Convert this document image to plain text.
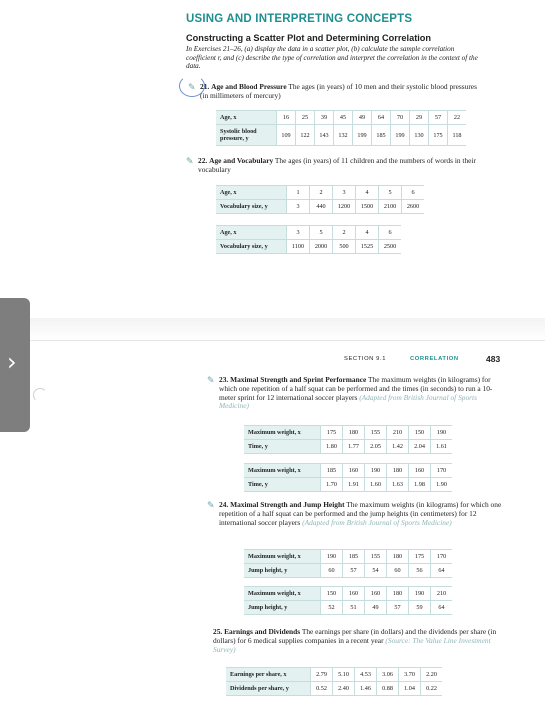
USING AND INTERPRETING CONCEPTS
Constructing a Scatter Plot and Determining Correlation
In Exercises 21–26, (a) display the data in a scatter plot, (b) calculate the sample correlation coefficient r, and (c) describe the type of correlation and interpret the correlation in the context of the data.
✎ 21. Age and Blood Pressure The ages (in years) of 10 men and their systolic blood pressures (in millimeters of mercury)
Age, x	16	25	39	45	49	64	70	29	57	22
Systolic blood pressure, y	109	122	143	132	199	185	199	130	175	118
✎ 22. Age and Vocabulary The ages (in years) of 11 children and the numbers of words in their vocabulary
Age, x	1	2	3	4	5	6
Vocabulary size, y	3	440	1200	1500	2100	2600
Age, x	3	5	2	4	6
Vocabulary size, y	1100	2000	500	1525	2500
SECTION 9.1	CORRELATION	483
✎ 23. Maximal Strength and Sprint Performance The maximum weights (in kilograms) for which one repetition of a half squat can be performed and the times (in seconds) to run a 10-meter sprint for 12 international soccer players (Adapted from British Journal of Sports Medicine)
Maximum weight, x	175	180	155	210	150	190
Time, y	1.80	1.77	2.05	1.42	2.04	1.61
Maximum weight, x	185	160	190	180	160	170
Time, y	1.70	1.91	1.60	1.63	1.98	1.90
✎ 24. Maximal Strength and Jump Height The maximum weights (in kilograms) for which one repetition of a half squat can be performed and the jump heights (in centimeters) for 12 international soccer players (Adapted from British Journal of Sports Medicine)
Maximum weight, x	190	185	155	180	175	170
Jump height, y	60	57	54	60	56	64
Maximum weight, x	150	160	160	180	190	210
Jump height, y	52	51	49	57	59	64
25. Earnings and Dividends The earnings per share (in dollars) and the dividends per share (in dollars) for 6 medical supplies companies in a recent year (Source: The Value Line Investment Survey)
Earnings per share, x	2.79	5.10	4.53	3.06	3.70	2.20
Dividends per share, y	0.52	2.40	1.46	0.88	1.04	0.22
›
